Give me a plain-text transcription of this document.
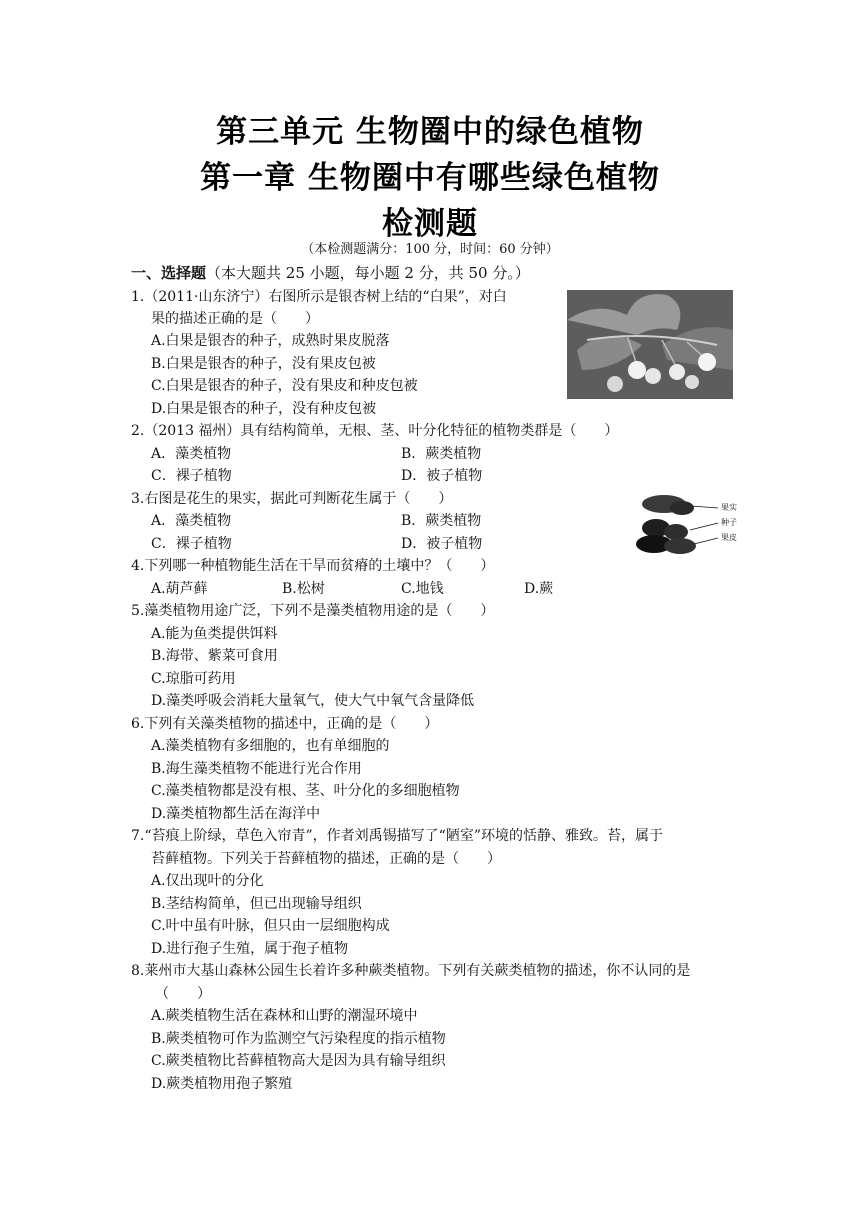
第三单元 生物圈中的绿色植物
第一章 生物圈中有哪些绿色植物
检测题
（本检测题满分：100 分，时间：60 分钟）
一、选择题（本大题共 25 小题，每小题 2 分，共 50 分。）
1.（2011·山东济宁）右图所示是银杏树上结的“白果”，对白
果的描述正确的是（　　）
A.白果是银杏的种子，成熟时果皮脱落
B.白果是银杏的种子，没有果皮包被
C.白果是银杏的种子，没有果皮和种皮包被
D.白果是银杏的种子，没有种皮包被
2.（2013 福州）具有结构简单，无根、茎、叶分化特征的植物类群是（　　）
A．藻类植物	B．蕨类植物
C．裸子植物	D．被子植物
3.右图是花生的果实，据此可判断花生属于（　　）
A．藻类植物	B．蕨类植物
C．裸子植物	D．被子植物
果实
种子
果皮
4.下列哪一种植物能生活在干旱而贫瘠的土壤中？（　　）
A.葫芦藓	B.松树	C.地钱	D.蕨
5.藻类植物用途广泛，下列不是藻类植物用途的是（　　）
A.能为鱼类提供饵料
B.海带、紫菜可食用
C.琼脂可药用
D.藻类呼吸会消耗大量氧气，使大气中氧气含量降低
6.下列有关藻类植物的描述中，正确的是（　　）
A.藻类植物有多细胞的，也有单细胞的
B.海生藻类植物不能进行光合作用
C.藻类植物都是没有根、茎、叶分化的多细胞植物
D.藻类植物都生活在海洋中
7.“苔痕上阶绿，草色入帘青”，作者刘禹锡描写了“陋室”环境的恬静、雅致。苔，属于
苔藓植物。下列关于苔藓植物的描述，正确的是（　　）
A.仅出现叶的分化
B.茎结构简单，但已出现输导组织
C.叶中虽有叶脉，但只由一层细胞构成
D.进行孢子生殖，属于孢子植物
8.莱州市大基山森林公园生长着许多种蕨类植物。下列有关蕨类植物的描述，你不认同的是
（　　）
A.蕨类植物生活在森林和山野的潮湿环境中
B.蕨类植物可作为监测空气污染程度的指示植物
C.蕨类植物比苔藓植物高大是因为具有输导组织
D.蕨类植物用孢子繁殖
